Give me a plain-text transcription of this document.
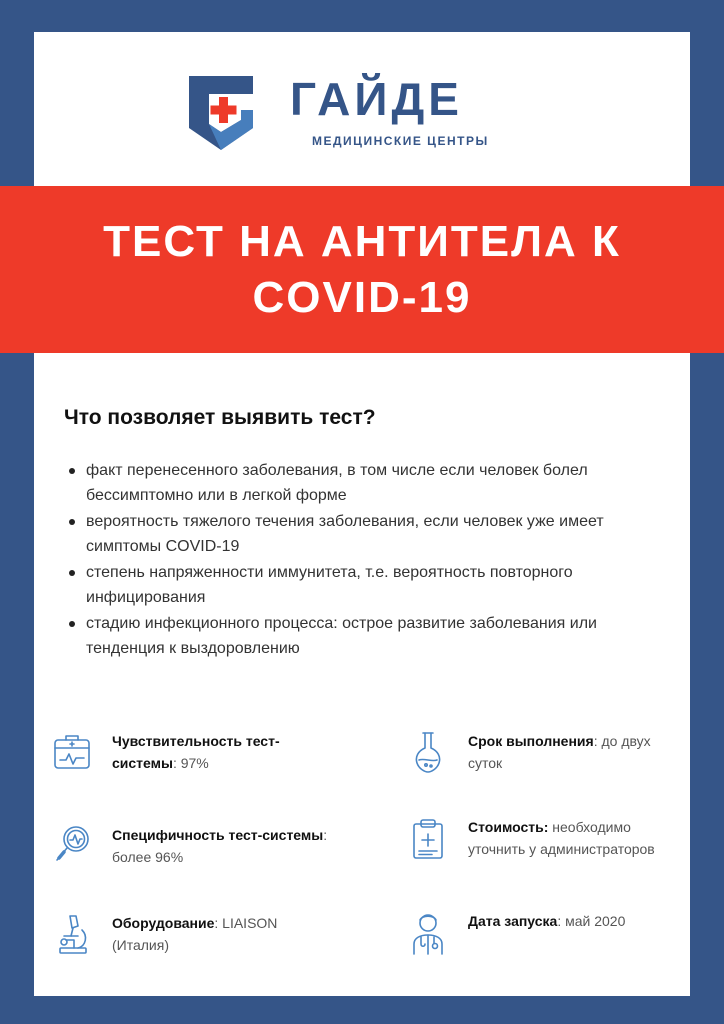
ГАЙДЕ
МЕДИЦИНСКИЕ ЦЕНТРЫ
ТЕСТ НА АНТИТЕЛА К COVID-19
Что позволяет выявить тест?
факт перенесенного заболевания, в том числе если человек болел бессимптомно или в легкой форме
вероятность тяжелого течения заболевания, если человек уже имеет симптомы COVID-19
степень напряженности иммунитета, т.е. вероятность повторного инфицирования
стадию инфекционного процесса: острое развитие заболевания или тенденция к выздоровлению
Чувствительность тест-системы: 97%
Специфичность тест-системы: более 96%
Оборудование: LIAISON (Италия)
Срок выполнения: до двух суток
Стоимость: необходимо уточнить у администраторов
Дата запуска: май 2020
